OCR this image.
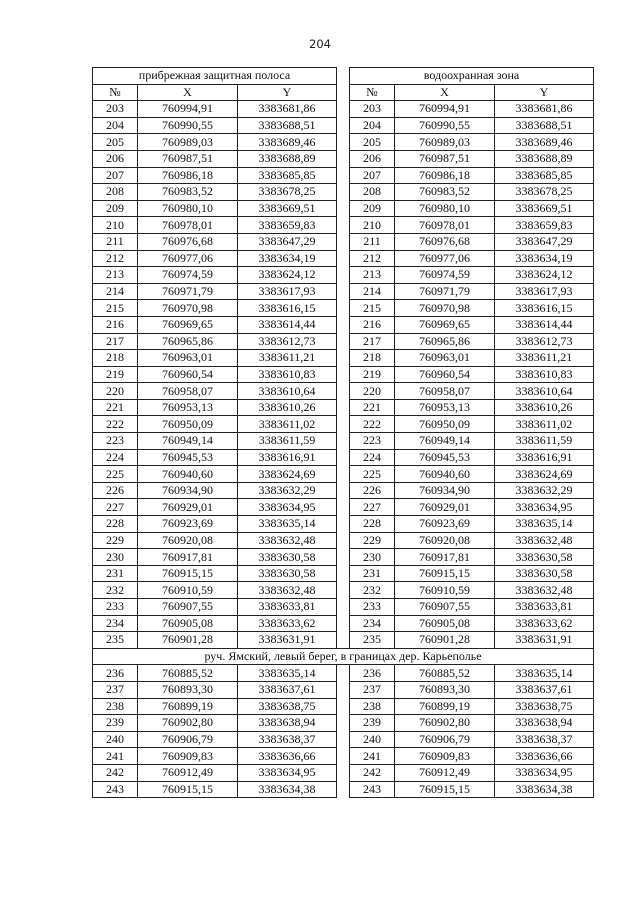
204
прибрежная защитная полоса				водоохранная зона		
№	X	Y		№	X	Y
203	760994,91	3383681,86		203	760994,91	3383681,86
204	760990,55	3383688,51		204	760990,55	3383688,51
205	760989,03	3383689,46		205	760989,03	3383689,46
206	760987,51	3383688,89		206	760987,51	3383688,89
207	760986,18	3383685,85		207	760986,18	3383685,85
208	760983,52	3383678,25		208	760983,52	3383678,25
209	760980,10	3383669,51		209	760980,10	3383669,51
210	760978,01	3383659,83		210	760978,01	3383659,83
211	760976,68	3383647,29		211	760976,68	3383647,29
212	760977,06	3383634,19		212	760977,06	3383634,19
213	760974,59	3383624,12		213	760974,59	3383624,12
214	760971,79	3383617,93		214	760971,79	3383617,93
215	760970,98	3383616,15		215	760970,98	3383616,15
216	760969,65	3383614,44		216	760969,65	3383614,44
217	760965,86	3383612,73		217	760965,86	3383612,73
218	760963,01	3383611,21		218	760963,01	3383611,21
219	760960,54	3383610,83		219	760960,54	3383610,83
220	760958,07	3383610,64		220	760958,07	3383610,64
221	760953,13	3383610,26		221	760953,13	3383610,26
222	760950,09	3383611,02		222	760950,09	3383611,02
223	760949,14	3383611,59		223	760949,14	3383611,59
224	760945,53	3383616,91		224	760945,53	3383616,91
225	760940,60	3383624,69		225	760940,60	3383624,69
226	760934,90	3383632,29		226	760934,90	3383632,29
227	760929,01	3383634,95		227	760929,01	3383634,95
228	760923,69	3383635,14		228	760923,69	3383635,14
229	760920,08	3383632,48		229	760920,08	3383632,48
230	760917,81	3383630,58		230	760917,81	3383630,58
231	760915,15	3383630,58		231	760915,15	3383630,58
232	760910,59	3383632,48		232	760910,59	3383632,48
233	760907,55	3383633,81		233	760907,55	3383633,81
234	760905,08	3383633,62		234	760905,08	3383633,62
235	760901,28	3383631,91		235	760901,28	3383631,91
руч. Ямский, левый берег, в границах дер. Карьеполье						
236	760885,52	3383635,14		236	760885,52	3383635,14
237	760893,30	3383637,61		237	760893,30	3383637,61
238	760899,19	3383638,75		238	760899,19	3383638,75
239	760902,80	3383638,94		239	760902,80	3383638,94
240	760906,79	3383638,37		240	760906,79	3383638,37
241	760909,83	3383636,66		241	760909,83	3383636,66
242	760912,49	3383634,95		242	760912,49	3383634,95
243	760915,15	3383634,38		243	760915,15	3383634,38
